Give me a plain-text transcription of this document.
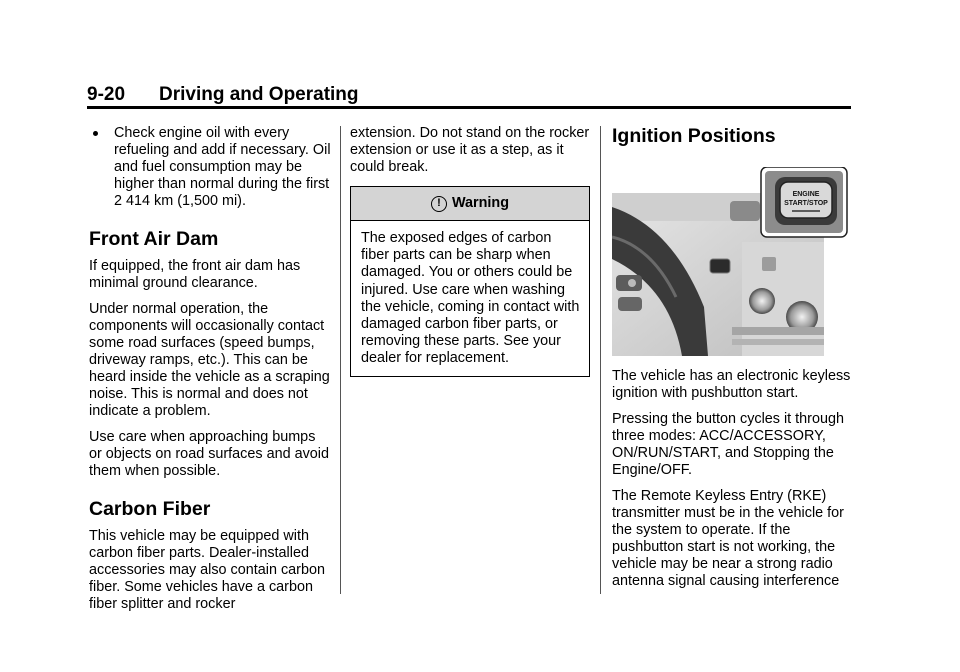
9-20 Driving and Operating
Check engine oil with every refueling and add if necessary. Oil and fuel consumption may be higher than normal during the first 2 414 km (1,500 mi).
Front Air Dam

If equipped, the front air dam has minimal ground clearance.

Under normal operation, the components will occasionally contact some road surfaces (speed bumps, driveway ramps, etc.). This can be heard inside the vehicle as a scraping noise. This is normal and does not indicate a problem.

Use care when approaching bumps or objects on road surfaces and avoid them when possible.

Carbon Fiber

This vehicle may be equipped with carbon fiber parts. Dealer-installed accessories may also contain carbon fiber. Some vehicles have a carbon fiber splitter and rocker

extension. Do not stand on the rocker extension or use it as a step, as it could break.

! Warning
The exposed edges of carbon fiber parts can be sharp when damaged. You or others could be injured. Use care when washing the vehicle, coming in contact with damaged carbon fiber parts, or removing these parts. See your dealer for replacement.
Ignition Positions
ENGINE
START/STOP

The vehicle has an electronic keyless ignition with pushbutton start.

Pressing the button cycles it through three modes: ACC/ACCESSORY, ON/RUN/START, and Stopping the Engine/OFF.

The Remote Keyless Entry (RKE) transmitter must be in the vehicle for the system to operate. If the pushbutton start is not working, the vehicle may be near a strong radio antenna signal causing interference
